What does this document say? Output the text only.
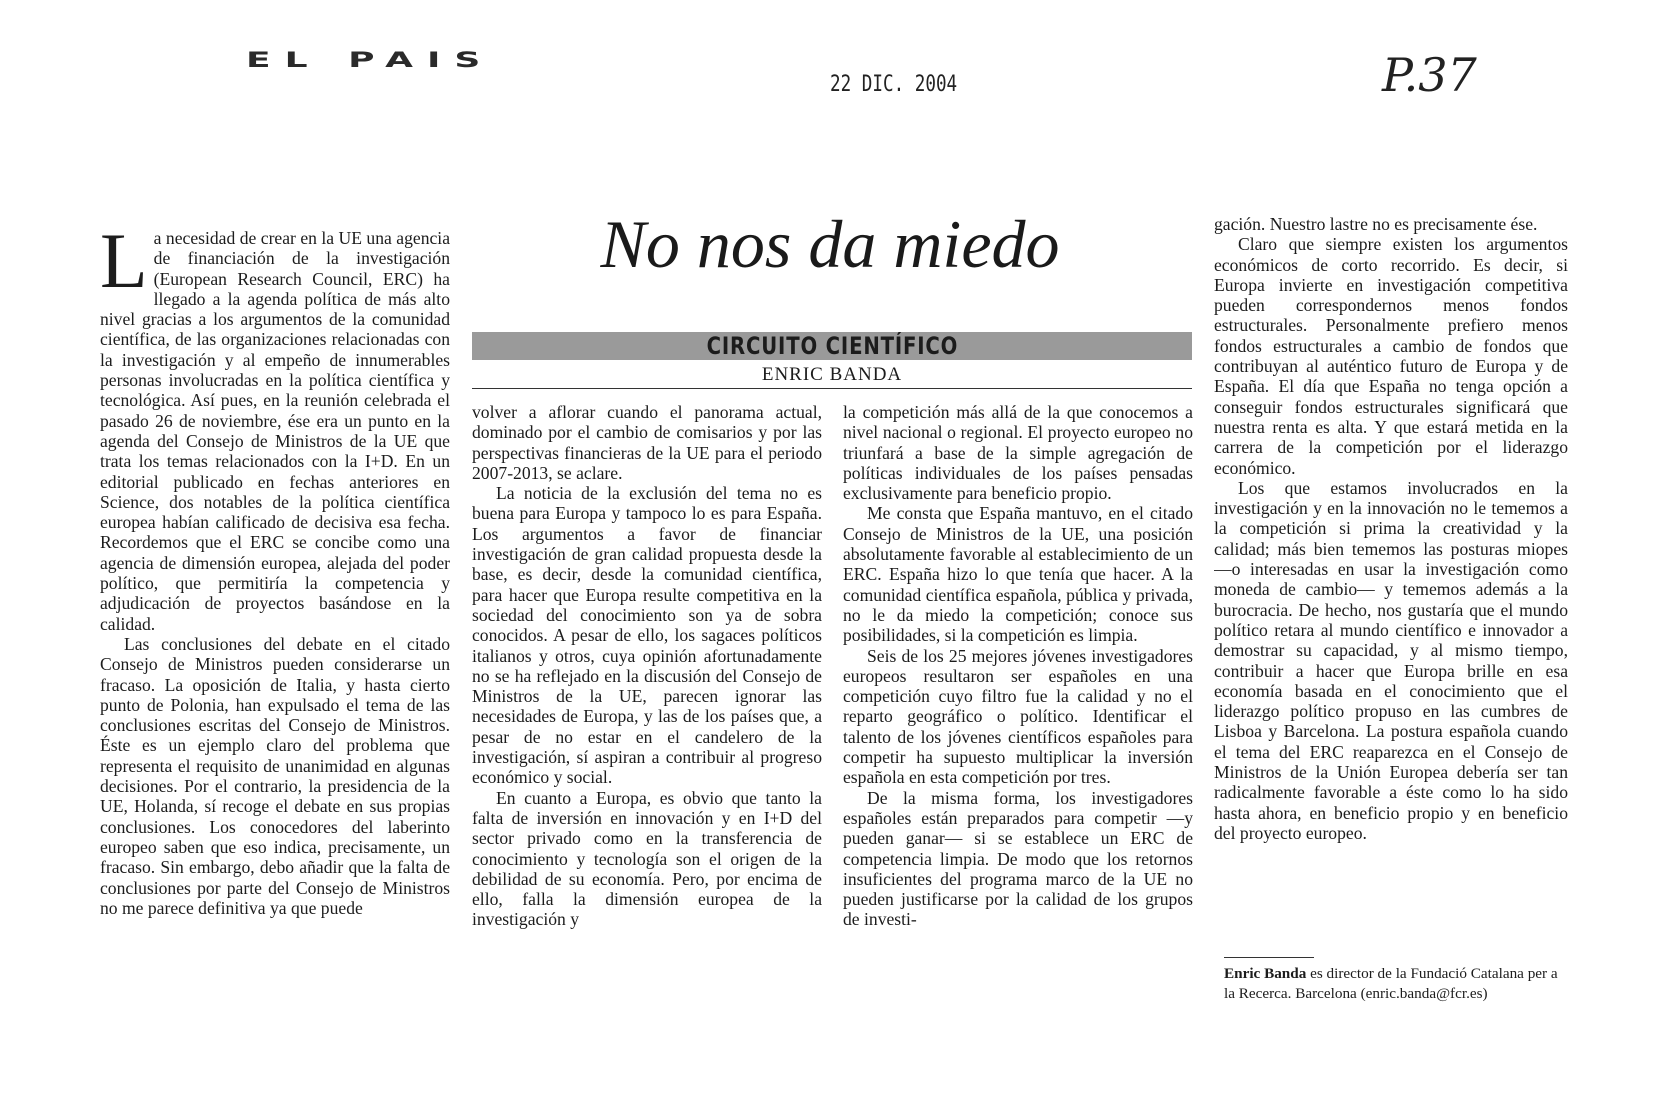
EL PAIS
22 DIC. 2004	P.37
No nos da miedo
CIRCUITO CIENTÍFICO
ENRIC BANDA

La necesidad de crear en la UE una agencia de financiación de la investigación (European Research Council, ERC) ha llegado a la agenda política de más alto nivel gracias a los argumentos de la comunidad científica, de las organizaciones relacionadas con la investigación y al empeño de innumerables personas involucradas en la política científica y tecnológica. Así pues, en la reunión celebrada el pasado 26 de noviembre, ése era un punto en la agenda del Consejo de Ministros de la UE que trata los temas relacionados con la I+D. En un editorial publicado en fechas anteriores en Science, dos notables de la política científica europea habían calificado de decisiva esa fecha. Recordemos que el ERC se concibe como una agencia de dimensión europea, alejada del poder político, que permitiría la competencia y adjudicación de proyectos basándose en la calidad.

Las conclusiones del debate en el citado Consejo de Ministros pueden considerarse un fracaso. La oposición de Italia, y hasta cierto punto de Polonia, han expulsado el tema de las conclusiones escritas del Consejo de Ministros. Éste es un ejemplo claro del problema que representa el requisito de unanimidad en algunas decisiones. Por el contrario, la presidencia de la UE, Holanda, sí recoge el debate en sus propias conclusiones. Los conocedores del laberinto europeo saben que eso indica, precisamente, un fracaso. Sin embargo, debo añadir que la falta de conclusiones por parte del Consejo de Ministros no me parece definitiva ya que puede

volver a aflorar cuando el panorama actual, dominado por el cambio de comisarios y por las perspectivas financieras de la UE para el periodo 2007-2013, se aclare.

La noticia de la exclusión del tema no es buena para Europa y tampoco lo es para España. Los argumentos a favor de financiar investigación de gran calidad propuesta desde la base, es decir, desde la comunidad científica, para hacer que Europa resulte competitiva en la sociedad del conocimiento son ya de sobra conocidos. A pesar de ello, los sagaces políticos italianos y otros, cuya opinión afortunadamente no se ha reflejado en la discusión del Consejo de Ministros de la UE, parecen ignorar las necesidades de Europa, y las de los países que, a pesar de no estar en el candelero de la investigación, sí aspiran a contribuir al progreso económico y social.

En cuanto a Europa, es obvio que tanto la falta de inversión en innovación y en I+D del sector privado como en la transferencia de conocimiento y tecnología son el origen de la debilidad de su economía. Pero, por encima de ello, falla la dimensión europea de la investigación y

la competición más allá de la que conocemos a nivel nacional o regional. El proyecto europeo no triunfará a base de la simple agregación de políticas individuales de los países pensadas exclusivamente para beneficio propio.

Me consta que España mantuvo, en el citado Consejo de Ministros de la UE, una posición absolutamente favorable al establecimiento de un ERC. España hizo lo que tenía que hacer. A la comunidad científica española, pública y privada, no le da miedo la competición; conoce sus posibilidades, si la competición es limpia.

Seis de los 25 mejores jóvenes investigadores europeos resultaron ser españoles en una competición cuyo filtro fue la calidad y no el reparto geográfico o político. Identificar el talento de los jóvenes científicos españoles para competir ha supuesto multiplicar la inversión española en esta competición por tres.

De la misma forma, los investigadores españoles están preparados para competir —y pueden ganar— si se establece un ERC de competencia limpia. De modo que los retornos insuficientes del programa marco de la UE no pueden justificarse por la calidad de los grupos de investi-

gación. Nuestro lastre no es precisamente ése.

Claro que siempre existen los argumentos económicos de corto recorrido. Es decir, si Europa invierte en investigación competitiva pueden correspondernos menos fondos estructurales. Personalmente prefiero menos fondos estructurales a cambio de fondos que contribuyan al auténtico futuro de Europa y de España. El día que España no tenga opción a conseguir fondos estructurales significará que nuestra renta es alta. Y que estará metida en la carrera de la competición por el liderazgo económico.

Los que estamos involucrados en la investigación y en la innovación no le tememos a la competición si prima la creatividad y la calidad; más bien tememos las posturas miopes —o interesadas en usar la investigación como moneda de cambio— y tememos además a la burocracia. De hecho, nos gustaría que el mundo político retara al mundo científico e innovador a demostrar su capacidad, y al mismo tiempo, contribuir a hacer que Europa brille en esa economía basada en el conocimiento que el liderazgo político propuso en las cumbres de Lisboa y Barcelona. La postura española cuando el tema del ERC reaparezca en el Consejo de Ministros de la Unión Europea debería ser tan radicalmente favorable a éste como lo ha sido hasta ahora, en beneficio propio y en beneficio del proyecto europeo.

Enric Banda es director de la Fundació Catalana per a la Recerca. Barcelona (enric.banda@fcr.es)
